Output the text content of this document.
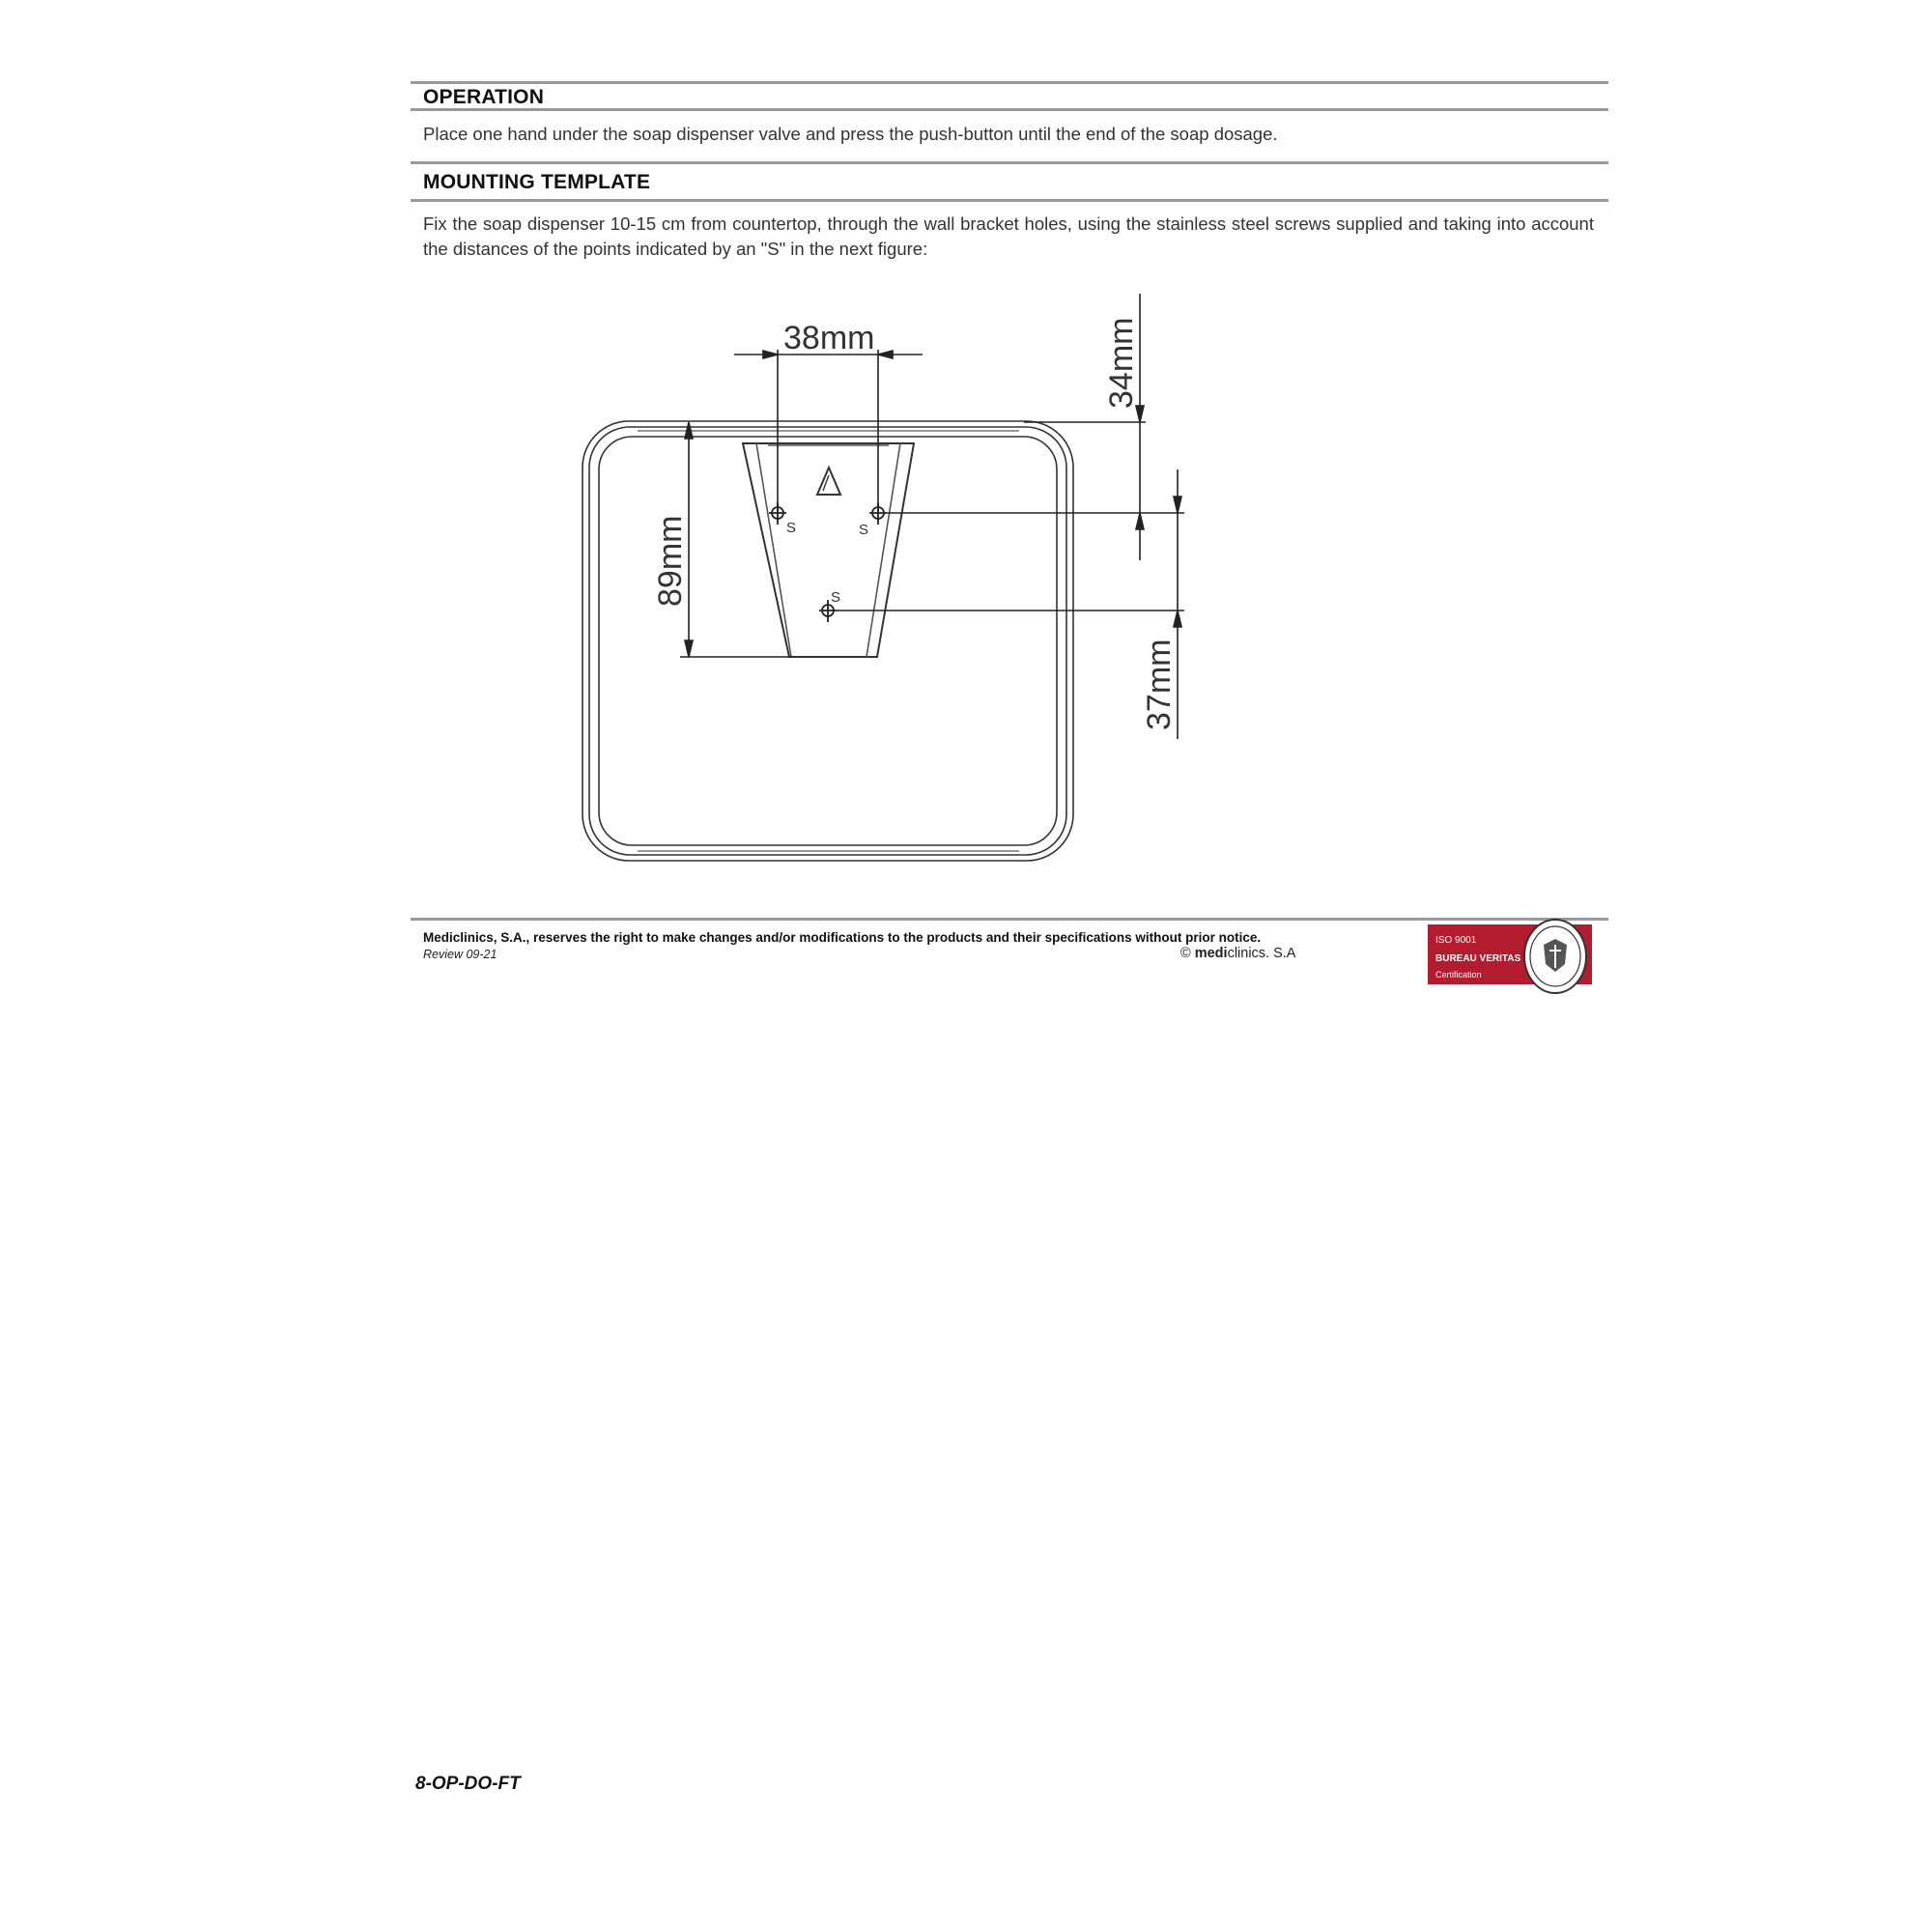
OPERATION
Place one hand under the soap dispenser valve and press the push-button until the end of the soap dosage.
MOUNTING TEMPLATE
Fix the soap dispenser 10-15 cm from countertop, through the wall bracket holes, using the stainless steel screws supplied and taking into account the distances of the points indicated by an "S" in the next figure:
S	S
S
38mm	34mm
89mm
37mm
Mediclinics, S.A., reserves the right to make changes and/or modifications to the products and their specifications without prior notice.
Review 09-21	© mediclinics. S.A
ISO 9001
BUREAU VERITAS
Certification
8-OP-DO-FT
